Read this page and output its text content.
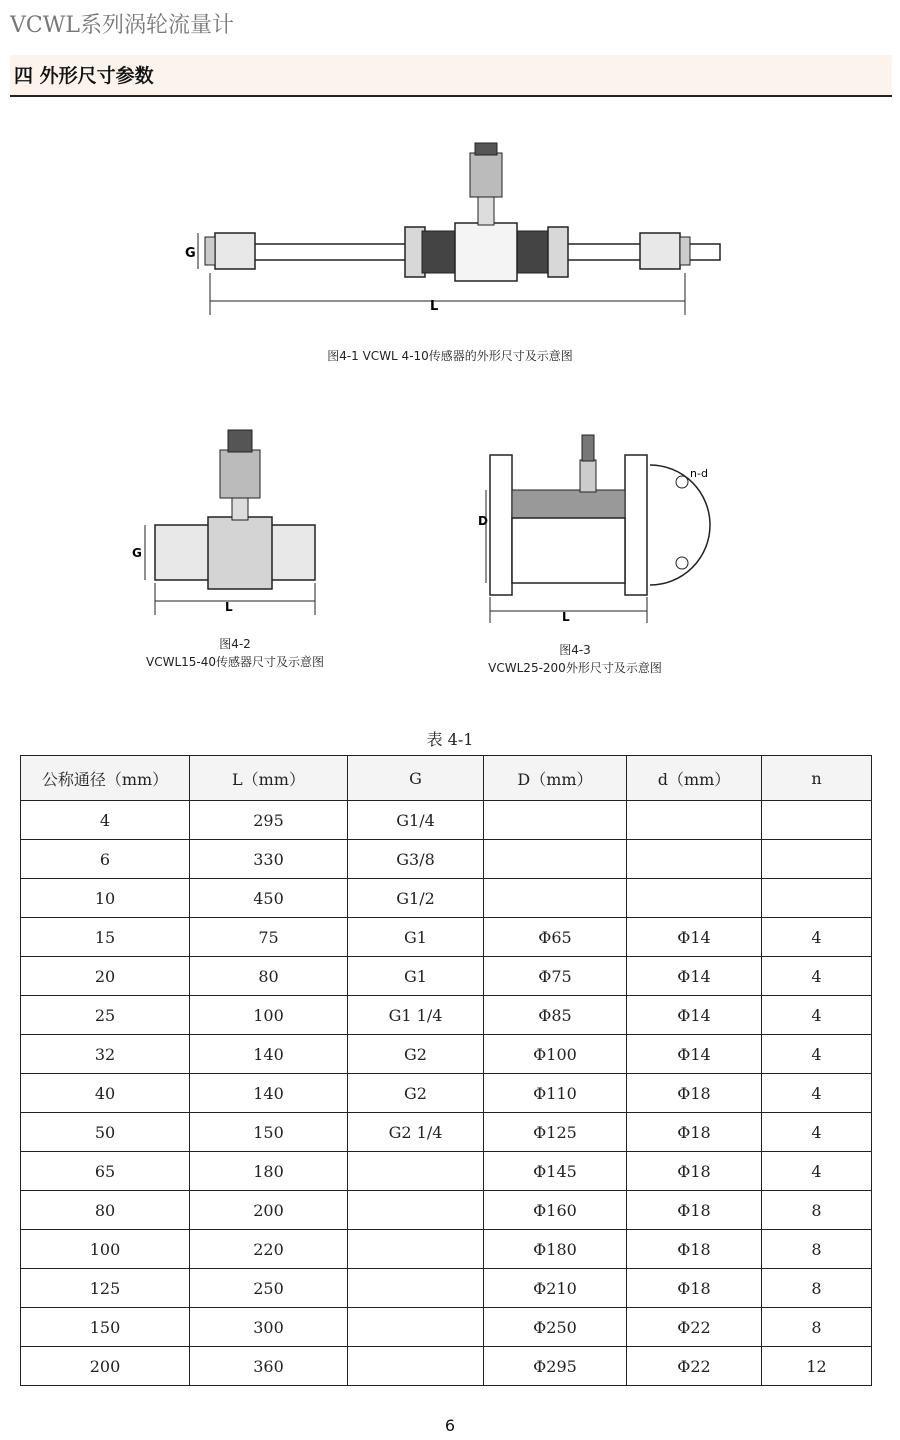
VCWL系列涡轮流量计
四 外形尺寸参数
G
L
图4-1 VCWL 4-10传感器的外形尺寸及示意图
G
L
图4-2
VCWL15-40传感器尺寸及示意图
n-d
D
L
图4-3
VCWL25-200外形尺寸及示意图
表 4-1
公称通径（mm）	L（mm）	G	D（mm）	d（mm）	n
4	295	G1/4			
6	330	G3/8			
10	450	G1/2			
15	75	G1	Φ65	Φ14	4
20	80	G1	Φ75	Φ14	4
25	100	G1 1/4	Φ85	Φ14	4
32	140	G2	Φ100	Φ14	4
40	140	G2	Φ110	Φ18	4
50	150	G2 1/4	Φ125	Φ18	4
65	180		Φ145	Φ18	4
80	200		Φ160	Φ18	8
100	220		Φ180	Φ18	8
125	250		Φ210	Φ18	8
150	300		Φ250	Φ22	8
200	360		Φ295	Φ22	12
6
